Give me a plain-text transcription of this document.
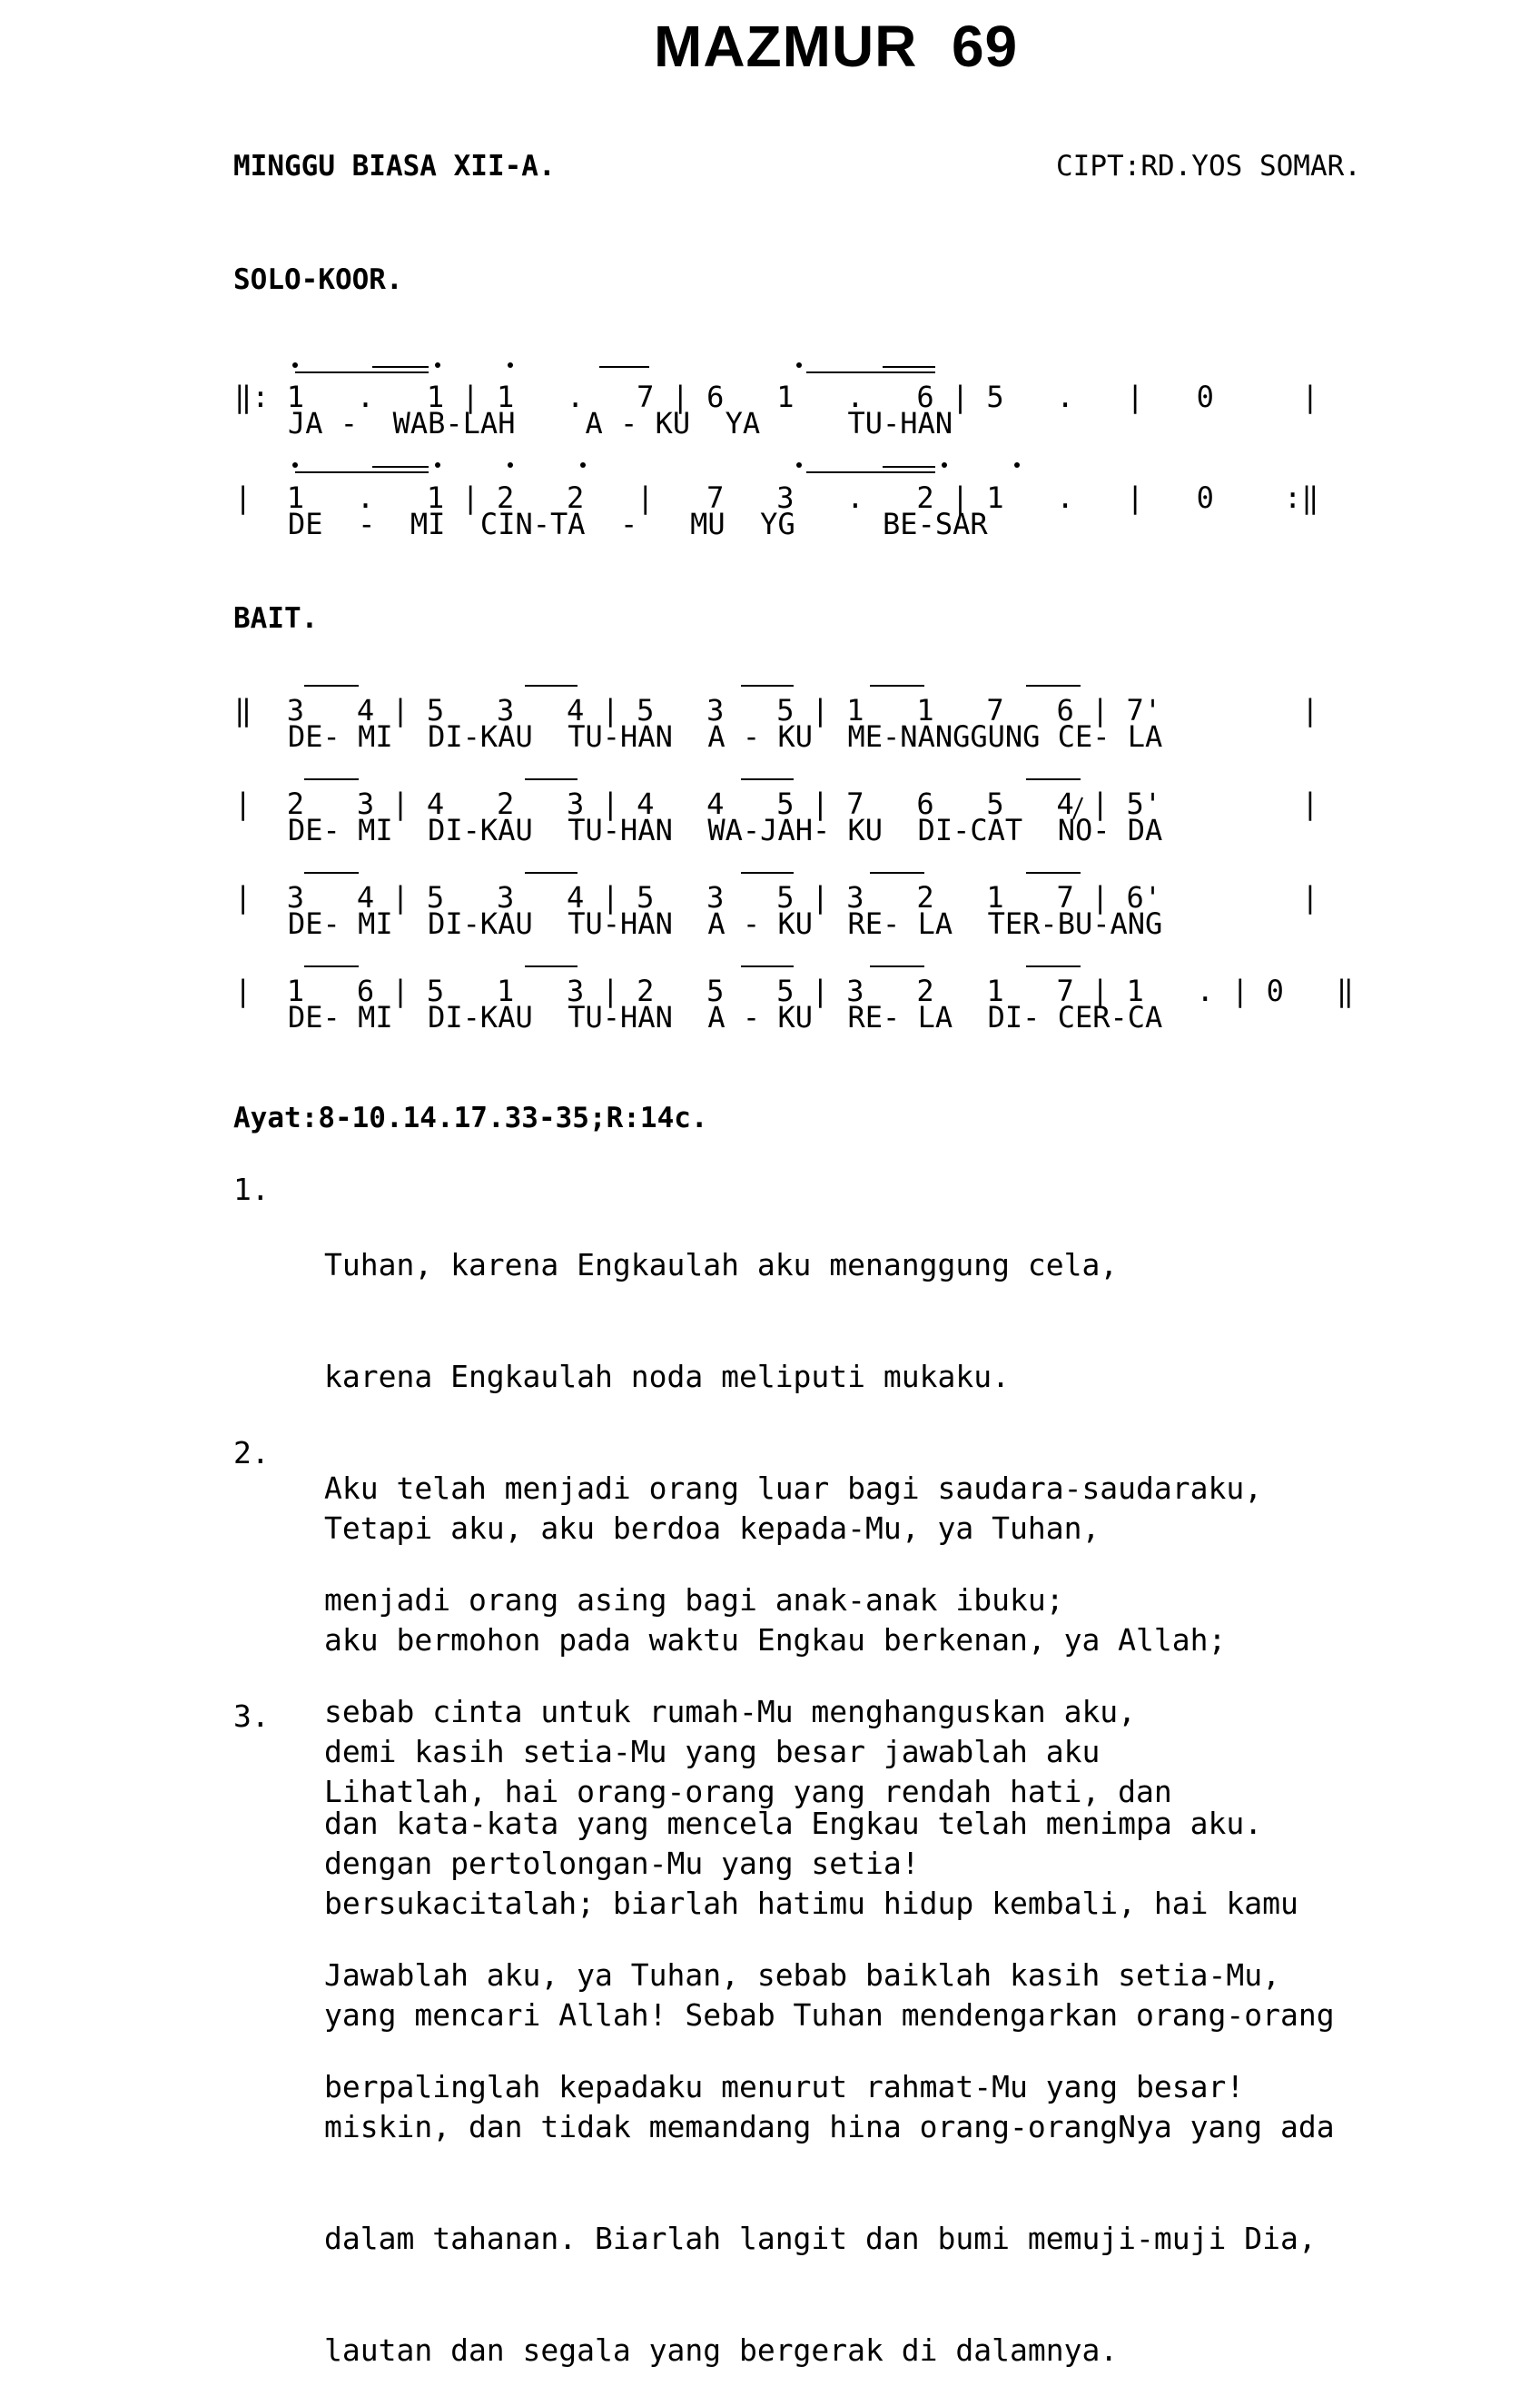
MAZMUR  69
MINGGU BIASA XII-A.	CIPT:RD.YOS SOMAR.
SOLO-KOOR.
‖: 1   .   1 | 1   .   7 | 6   1   .   6 | 5   .   |   0     |
JA -  WAB-LAH    A - KU  YA     TU-HAN
|  1   .   1 | 2   2   |   7   3   .   2 | 1   .   |   0    :‖
DE  -  MI  CIN-TA  -   MU  YG     BE-SAR
BAIT.
‖  3   4 | 5   3   4 | 5   3   5 | 1   1   7   6 | 7'        |
DE- MI  DI-KAU  TU-HAN  A - KU  ME-NANGGUNG CE- LA
|  2   3 | 4   2   3 | 4   4   5 | 7   6   5   4 | 5'        |
DE- MI  DI-KAU  TU-HAN  WA-JAH- KU  DI-CAT  NO- DA
|  3   4 | 5   3   4 | 5   3   5 | 3   2   1   7 | 6'        |
DE- MI  DI-KAU  TU-HAN  A - KU  RE- LA  TER-BU-ANG
|  1   6 | 5   1   3 | 2   5   5 | 3   2   1   7 | 1   . | 0   ‖
DE- MI  DI-KAU  TU-HAN  A - KU  RE- LA  DI- CER-CA
Ayat:8-10.14.17.33-35;R:14c.
1.

Tuhan, karena Engkaulah aku menanggung cela,

karena Engkaulah noda meliputi mukaku.

Aku telah menjadi orang luar bagi saudara-saudaraku,

menjadi orang asing bagi anak-anak ibuku;

sebab cinta untuk rumah-Mu menghanguskan aku,

dan kata-kata yang mencela Engkau telah menimpa aku.

2.

Tetapi aku, aku berdoa kepada-Mu, ya Tuhan,

aku bermohon pada waktu Engkau berkenan, ya Allah;

demi kasih setia-Mu yang besar jawablah aku

dengan pertolongan-Mu yang setia!

Jawablah aku, ya Tuhan, sebab baiklah kasih setia-Mu,

berpalinglah kepadaku menurut rahmat-Mu yang besar!

3.

Lihatlah, hai orang-orang yang rendah hati, dan

bersukacitalah; biarlah hatimu hidup kembali, hai kamu

yang mencari Allah! Sebab Tuhan mendengarkan orang-orang

miskin, dan tidak memandang hina orang-orangNya yang ada

dalam tahanan. Biarlah langit dan bumi memuji-muji Dia,

lautan dan segala yang bergerak di dalamnya.
